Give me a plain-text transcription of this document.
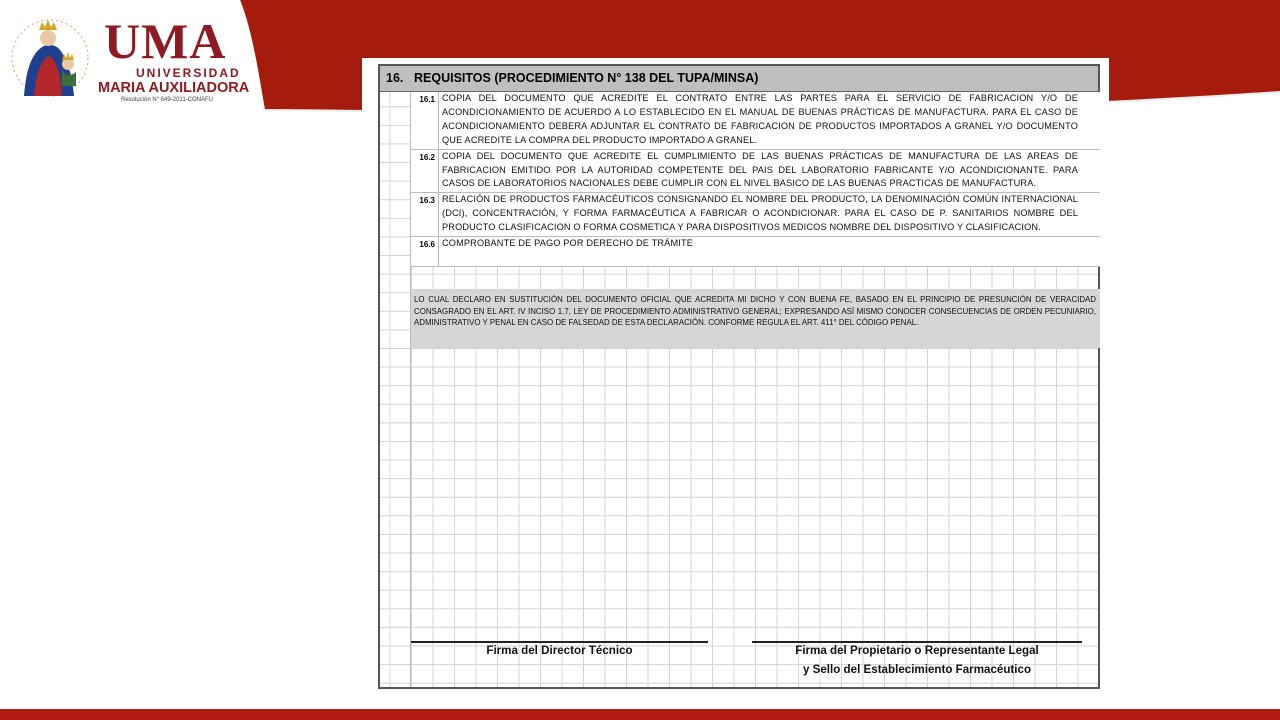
UMA
UNIVERSIDAD
MARIA AUXILIADORA
Resolución N° 649-2011-CONAFU
16. REQUISITOS (PROCEDIMIENTO N° 138 DEL TUPA/MINSA)
16.1 COPIA DEL DOCUMENTO QUE ACREDITE EL CONTRATO ENTRE LAS PARTES PARA EL SERVICIO DE FABRICACION Y/O DE ACONDICIONAMIENTO DE ACUERDO A LO ESTABLECIDO EN EL MANUAL DE BUENAS PRÁCTICAS DE MANUFACTURA. PARA EL CASO DE ACONDICIONAMIENTO DEBERA ADJUNTAR EL CONTRATO DE FABRICACION DE PRODUCTOS IMPORTADOS A GRANEL Y/O DOCUMENTO QUE ACREDITE LA COMPRA DEL PRODUCTO IMPORTADO A GRANEL.
16.2 COPIA DEL DOCUMENTO QUE ACREDITE EL CUMPLIMIENTO DE LAS BUENAS PRÁCTICAS DE MANUFACTURA DE LAS AREAS DE FABRICACION EMITIDO POR LA AUTORIDAD COMPETENTE DEL PAIS DEL LABORATORIO FABRICANTE Y/O ACONDICIONANTE. PARA CASOS DE LABORATORIOS NACIONALES DEBE CUMPLIR CON EL NIVEL BASICO DE LAS BUENAS PRACTICAS DE MANUFACTURA.
16.3 RELACIÓN DE PRODUCTOS FARMACÉUTICOS CONSIGNANDO EL NOMBRE DEL PRODUCTO, LA DENOMINACIÓN COMÚN INTERNACIONAL (DCI), CONCENTRACIÓN, Y FORMA FARMACÉUTICA A FABRICAR O ACONDICIONAR. PARA EL CASO DE P. SANITARIOS NOMBRE DEL PRODUCTO CLASIFICACION O FORMA COSMETICA Y PARA DISPOSITIVOS MEDICOS NOMBRE DEL DISPOSITIVO Y CLASIFICACION.
16.6 COMPROBANTE DE PAGO POR DERECHO DE TRÁMITE
LO CUAL DECLARO EN SUSTITUCIÓN DEL DOCUMENTO OFICIAL QUE ACREDITA MI DICHO Y CON BUENA FE, BASADO EN EL PRINCIPIO DE PRESUNCIÓN DE VERACIDAD CONSAGRADO EN EL ART. IV INCISO 1.7, LEY DE PROCEDIMIENTO ADMINISTRATIVO GENERAL; EXPRESANDO ASÍ MISMO CONOCER CONSECUENCIAS DE ORDEN PECUNIARIO, ADMINISTRATIVO Y PENAL EN CASO DE FALSEDAD DE ESTA DECLARACIÓN. CONFORME REGULA EL ART. 411° DEL CÓDIGO PENAL.
Firma del Director Técnico	Firma del Propietario o Representante Legal
y Sello del Establecimiento Farmacéutico
